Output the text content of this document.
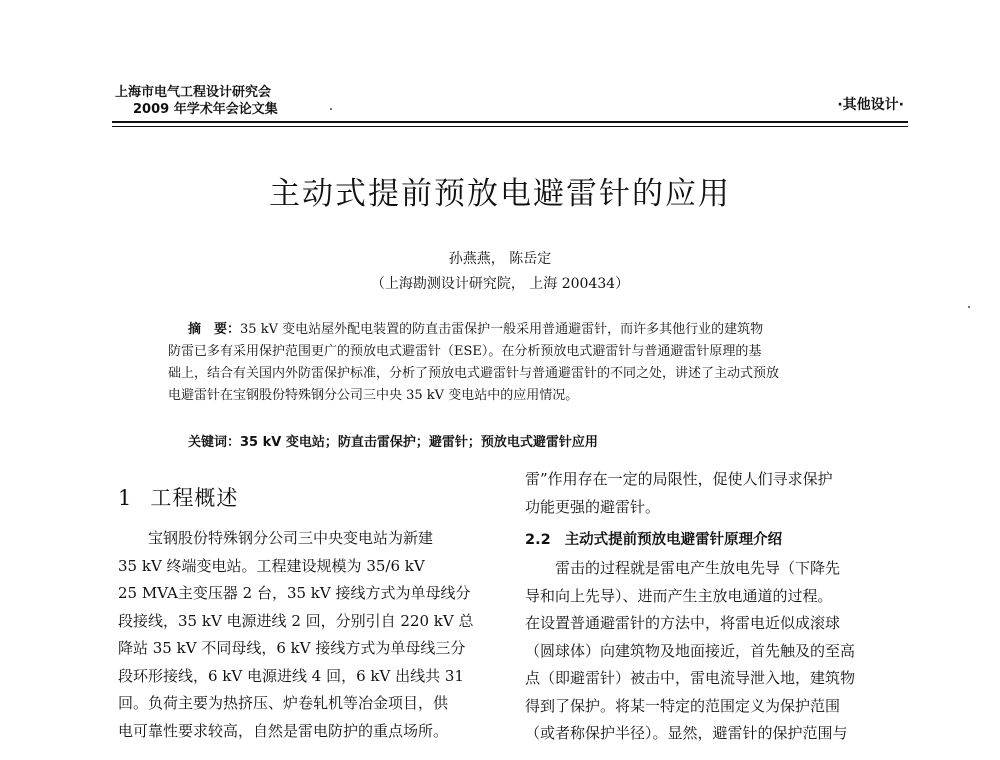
上海市电气工程设计研究会
2009 年学术年会论文集	·其他设计·
主动式提前预放电避雷针的应用
孙燕燕， 陈岳定
（上海勘测设计研究院， 上海 200434）
摘　要：35 kV 变电站屋外配电装置的防直击雷保护一般采用普通避雷针，而许多其他行业的建筑物
防雷已多有采用保护范围更广的预放电式避雷针（ESE）。在分析预放电式避雷针与普通避雷针原理的基
础上，结合有关国内外防雷保护标准，分析了预放电式避雷针与普通避雷针的不同之处，讲述了主动式预放
电避雷针在宝钢股份特殊钢分公司三中央 35 kV 变电站中的应用情况。
关键词：35 kV 变电站；防直击雷保护；避雷针；预放电式避雷针应用
1 工程概述
宝钢股份特殊钢分公司三中央变电站为新建
35 kV 终端变电站。工程建设规模为 35/6 kV
25 MVA主变压器 2 台，35 kV 接线方式为单母线分
段接线，35 kV 电源进线 2 回，分别引自 220 kV 总
降站 35 kV 不同母线，6 kV 接线方式为单母线三分
段环形接线，6 kV 电源进线 4 回，6 kV 出线共 31
回。负荷主要为热挤压、炉卷轧机等冶金项目，供
电可靠性要求较高，自然是雷电防护的重点场所。
雷”作用存在一定的局限性，促使人们寻求保护
功能更强的避雷针。
2.2 主动式提前预放电避雷针原理介绍
雷击的过程就是雷电产生放电先导（下降先
导和向上先导）、进而产生主放电通道的过程。
在设置普通避雷针的方法中，将雷电近似成滚球
（圆球体）向建筑物及地面接近，首先触及的至高
点（即避雷针）被击中，雷电流导泄入地，建筑物
得到了保护。将某一特定的范围定义为保护范围
（或者称保护半径）。显然，避雷针的保护范围与
